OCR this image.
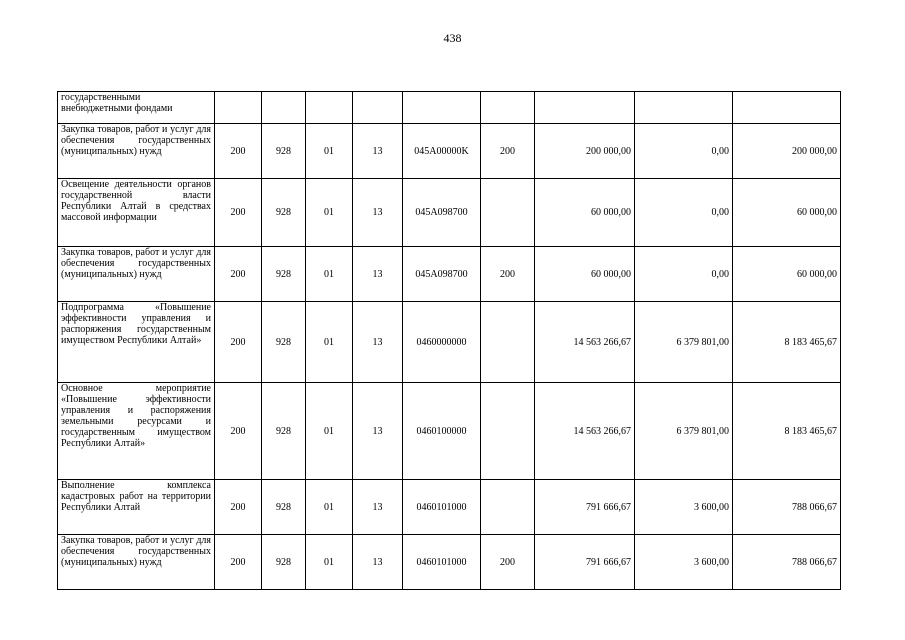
438
государственными внебюджетными фондами									
Закупка товаров, работ и услуг для обеспечения государственных (муниципальных) нужд	200	928	01	13	045A00000K	200	200 000,00	0,00	200 000,00
Освещение деятельности органов государственной власти Республики Алтай в средствах массовой информации	200	928	01	13	045A098700		60 000,00	0,00	60 000,00
Закупка товаров, работ и услуг для обеспечения государственных (муниципальных) нужд	200	928	01	13	045A098700	200	60 000,00	0,00	60 000,00
Подпрограмма «Повышение эффективности управления и распоряжения государственным имуществом Республики Алтай»	200	928	01	13	0460000000		14 563 266,67	6 379 801,00	8 183 465,67
Основное мероприятие «Повышение эффективности управления и распоряжения земельными ресурсами и государственным имуществом Республики Алтай»	200	928	01	13	0460100000		14 563 266,67	6 379 801,00	8 183 465,67
Выполнение комплекса кадастровых работ на территории Республики Алтай	200	928	01	13	0460101000		791 666,67	3 600,00	788 066,67
Закупка товаров, работ и услуг для обеспечения государственных (муниципальных) нужд	200	928	01	13	0460101000	200	791 666,67	3 600,00	788 066,67
